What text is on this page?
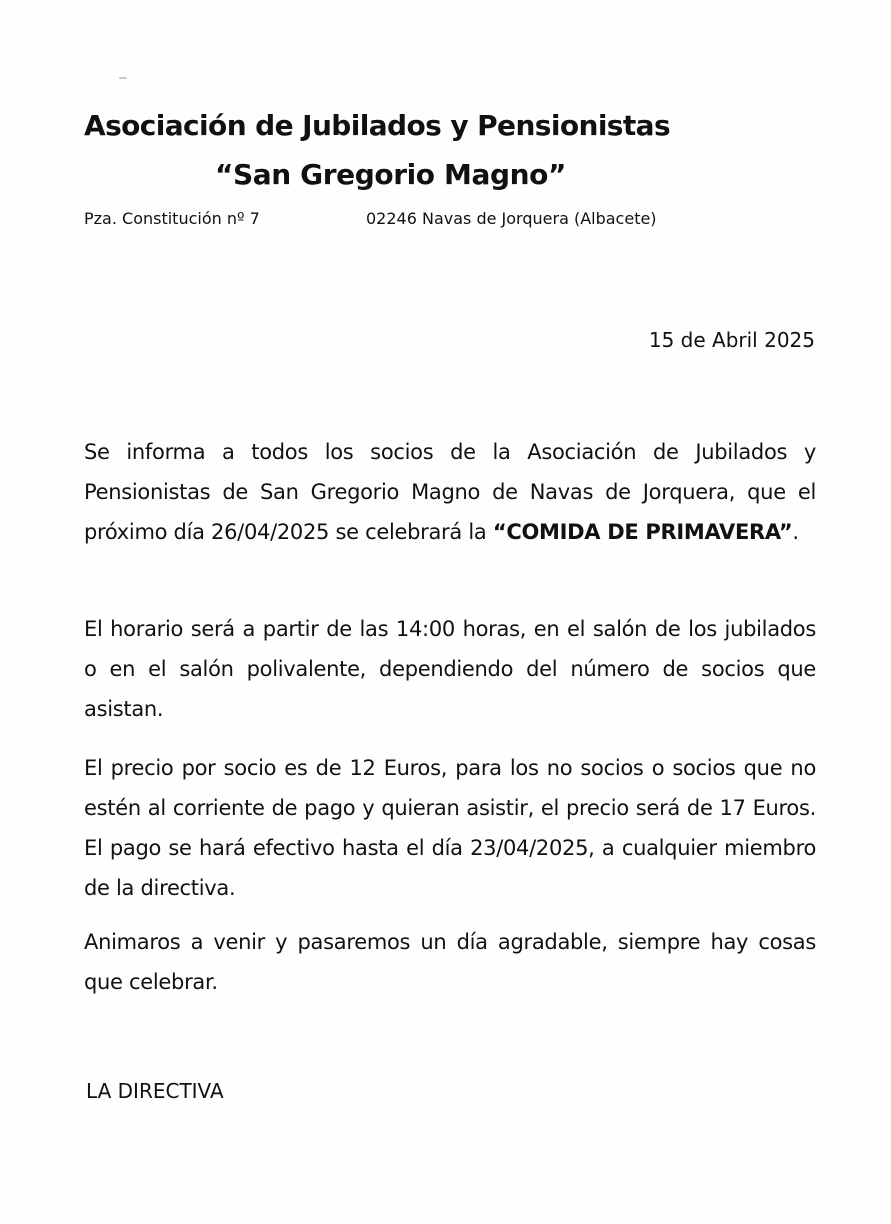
Asociación de Jubilados y Pensionistas
“San Gregorio Magno”
Pza. Constitución nº 7	02246 Navas de Jorquera (Albacete)
15 de Abril 2025
Se informa a todos los socios de la Asociación de Jubilados y Pensionistas de San Gregorio Magno de Navas de Jorquera, que el próximo día 26/04/2025 se celebrará la “COMIDA DE PRIMAVERA”.
El horario será a partir de las 14:00 horas, en el salón de los jubilados o en el salón polivalente, dependiendo del número de socios que asistan.
El precio por socio es de 12 Euros, para los no socios o socios que no estén al corriente de pago y quieran asistir, el precio será de 17 Euros. El pago se hará efectivo hasta el día 23/04/2025, a cualquier miembro de la directiva.
Animaros a venir y pasaremos un día agradable, siempre hay cosas que celebrar.
LA DIRECTIVA
